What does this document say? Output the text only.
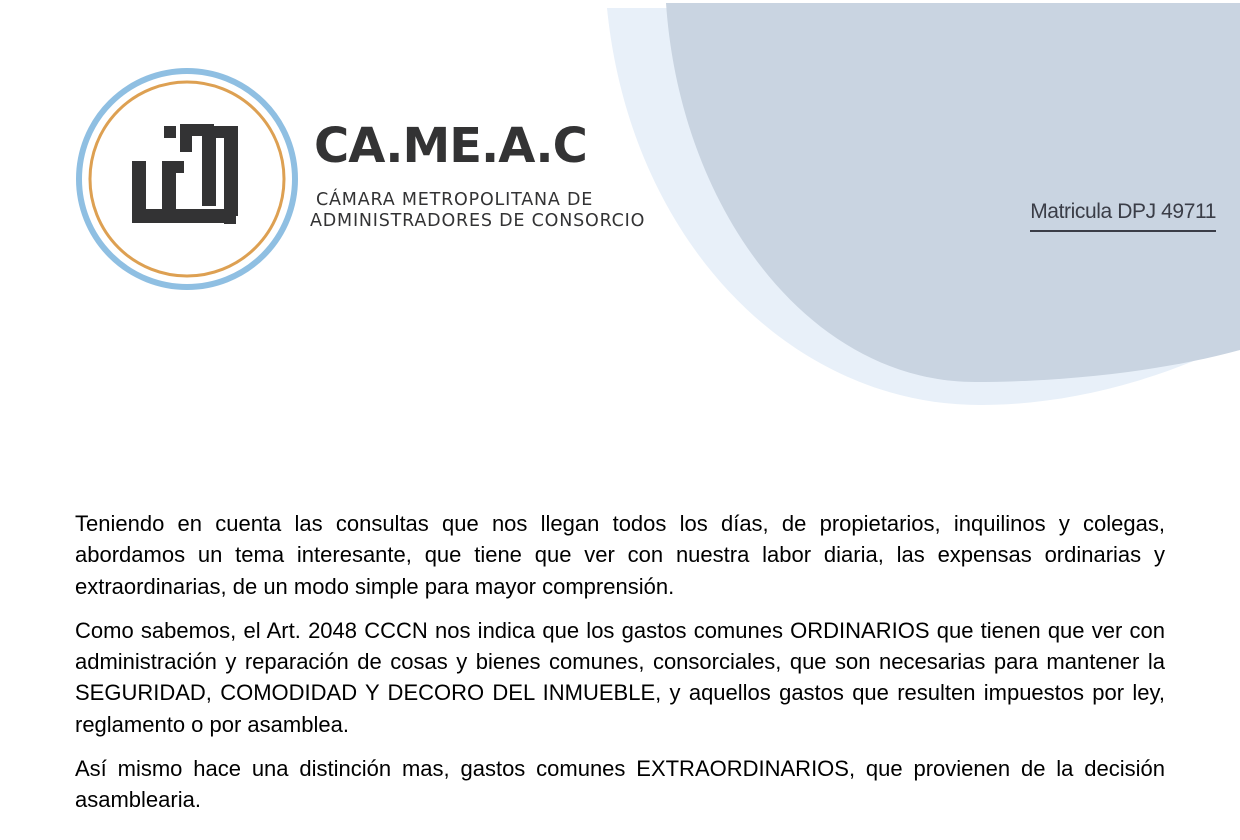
CA.ME.A.C
CÁMARA METROPOLITANA DE
ADMINISTRADORES DE CONSORCIO	Matricula DPJ 49711

Teniendo en cuenta las consultas que nos llegan todos los días, de propietarios, inquilinos y colegas, abordamos un tema interesante, que tiene que ver con nuestra labor diaria, las expensas ordinarias y extraordinarias, de un modo simple para mayor comprensión.

Como sabemos, el Art. 2048 CCCN nos indica que los gastos comunes ORDINARIOS que tienen que ver con administración y reparación de cosas y bienes comunes, consorciales, que son necesarias para mantener la SEGURIDAD, COMODIDAD Y DECORO DEL INMUEBLE, y aquellos gastos que resulten impuestos por ley, reglamento o por asamblea.

Así mismo hace una distinción mas, gastos comunes EXTRAORDINARIOS, que provienen de la decisión asamblearia.
